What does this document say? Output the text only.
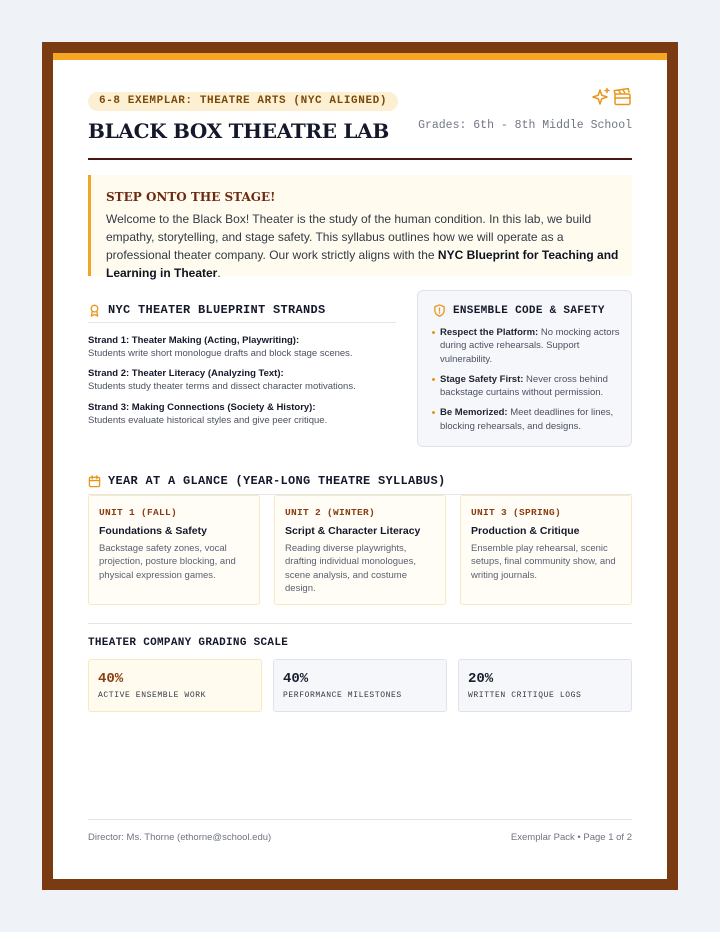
6-8 EXEMPLAR: THEATRE ARTS (NYC ALIGNED)
BLACK BOX THEATRE LAB	Grades: 6th - 8th Middle School
STEP ONTO THE STAGE!

Welcome to the Black Box! Theater is the study of the human condition. In this lab, we build empathy, storytelling, and stage safety. This syllabus outlines how we will operate as a professional theater company. Our work strictly aligns with the NYC Blueprint for Teaching and Learning in Theater.

NYC THEATER BLUEPRINT STRANDS
Strand 1: Theater Making (Acting, Playwriting):
Students write short monologue drafts and block stage scenes.
Strand 2: Theater Literacy (Analyzing Text):
Students study theater terms and dissect character motivations.
Strand 3: Making Connections (Society & History):
Students evaluate historical styles and give peer critique.
ENSEMBLE CODE & SAFETY
Respect the Platform: No mocking actors during active rehearsals. Support vulnerability.
Stage Safety First: Never cross behind backstage curtains without permission.
Be Memorized: Meet deadlines for lines, blocking rehearsals, and designs.
YEAR AT A GLANCE (YEAR-LONG THEATRE SYLLABUS)
UNIT 1 (FALL)
Foundations & Safety

Backstage safety zones, vocal projection, posture blocking, and physical expression games.

UNIT 2 (WINTER)
Script & Character Literacy

Reading diverse playwrights, drafting individual monologues, scene analysis, and costume design.

UNIT 3 (SPRING)
Production & Critique

Ensemble play rehearsal, scenic setups, final community show, and writing journals.

THEATER COMPANY GRADING SCALE
40%
ACTIVE ENSEMBLE WORK
40%
PERFORMANCE MILESTONES
20%
WRITTEN CRITIQUE LOGS
Director: Ms. Thorne (ethorne@school.edu)	Exemplar Pack • Page 1 of 2
